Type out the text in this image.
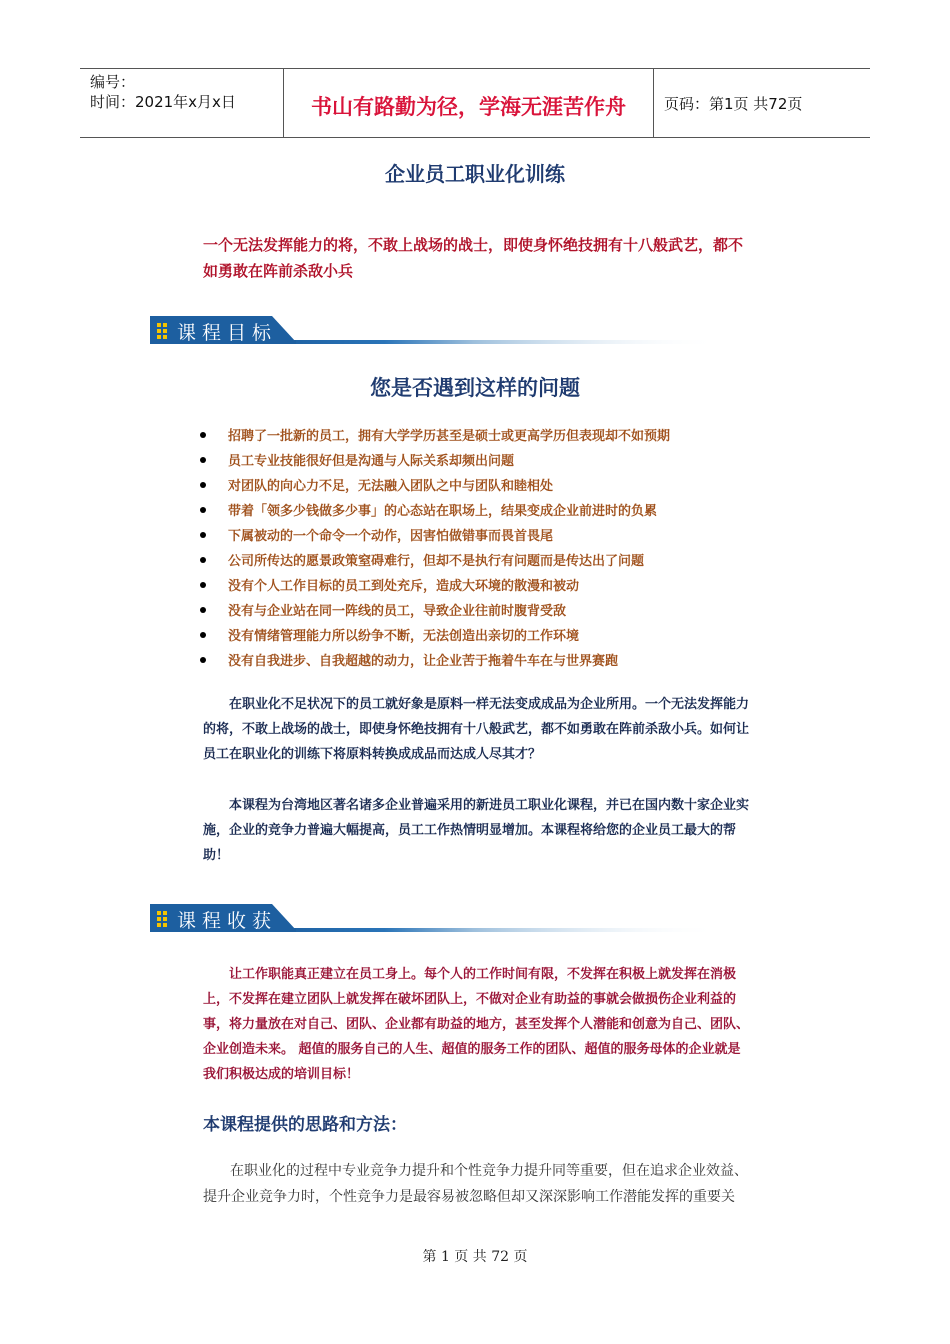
编号：
时间：2021年x月x日	书山有路勤为径，学海无涯苦作舟	页码：第1页 共72页
企业员工职业化训练
一个无法发挥能力的将，不敢上战场的战士，即使身怀绝技拥有十八般武艺，都不如勇敢在阵前杀敌小兵
课程目标
您是否遇到这样的问题
招聘了一批新的员工，拥有大学学历甚至是硕士或更高学历但表现却不如预期
员工专业技能很好但是沟通与人际关系却频出问题
对团队的向心力不足，无法融入团队之中与团队和睦相处
带着「领多少钱做多少事」的心态站在职场上，结果变成企业前进时的负累
下属被动的一个命令一个动作，因害怕做错事而畏首畏尾
公司所传达的愿景政策窒碍难行，但却不是执行有问题而是传达出了问题
没有个人工作目标的员工到处充斥，造成大环境的散漫和被动
没有与企业站在同一阵线的员工，导致企业往前时腹背受敌
没有情绪管理能力所以纷争不断，无法创造出亲切的工作环境
没有自我进步、自我超越的动力，让企业苦于拖着牛车在与世界赛跑
在职业化不足状况下的员工就好象是原料一样无法变成成品为企业所用。一个无法发挥能力的将，不敢上战场的战士，即使身怀绝技拥有十八般武艺，都不如勇敢在阵前杀敌小兵。如何让员工在职业化的训练下将原料转换成成品而达成人尽其才？
本课程为台湾地区著名诸多企业普遍采用的新进员工职业化课程，并已在国内数十家企业实施，企业的竞争力普遍大幅提高，员工工作热情明显增加。本课程将给您的企业员工最大的帮助！
课程收获
让工作职能真正建立在员工身上。每个人的工作时间有限，不发挥在积极上就发挥在消极上，不发挥在建立团队上就发挥在破坏团队上，不做对企业有助益的事就会做损伤企业利益的事，将力量放在对自己、团队、企业都有助益的地方，甚至发挥个人潜能和创意为自己、团队、企业创造未来。 超值的服务自己的人生、超值的服务工作的团队、超值的服务母体的企业就是我们积极达成的培训目标！
本课程提供的思路和方法：
在职业化的过程中专业竞争力提升和个性竞争力提升同等重要，但在追求企业效益、提升企业竞争力时，个性竞争力是最容易被忽略但却又深深影响工作潜能发挥的重要关
第 1 页 共 72 页
